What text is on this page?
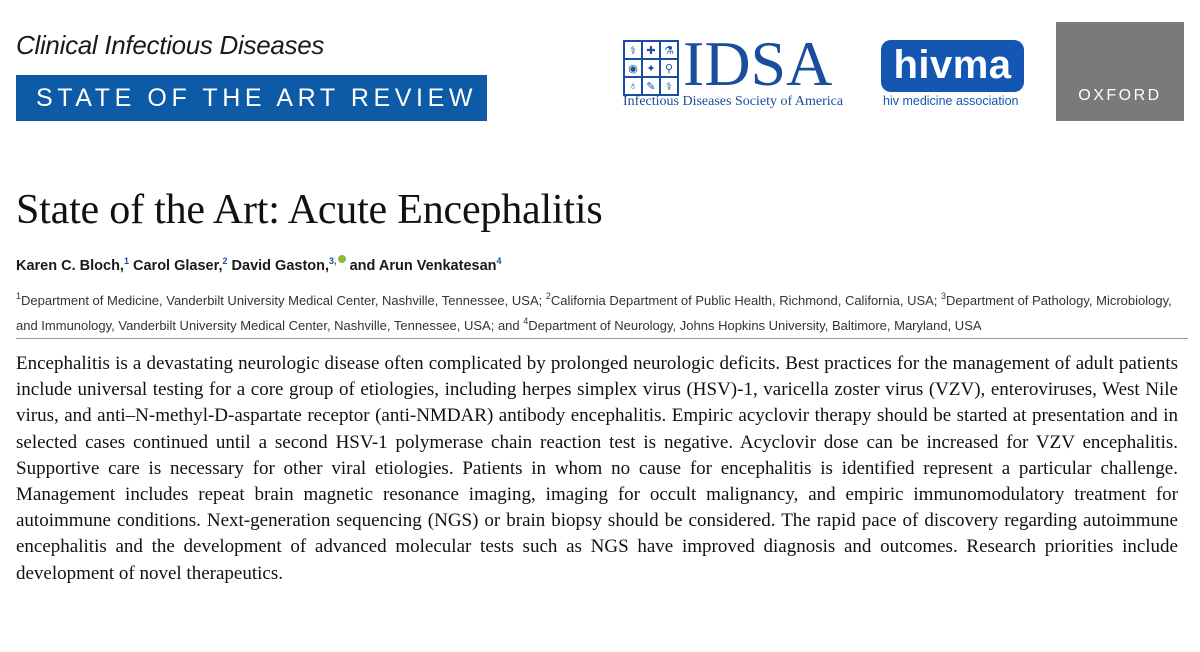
Clinical Infectious Diseases
STATE OF THE ART REVIEW
⚕ ✚ ⚗
◉ ✦ ⚲
♁ ✎ ⚕ IDSA
Infectious Diseases Society of America
hivma
hiv medicine association	OXFORD
State of the Art: Acute Encephalitis
Karen C. Bloch,$^1$ Carol Glaser,$^2$ David Gaston,$^{3,}$ and Arun Venkatesan$^4$
$^1$Department of Medicine, Vanderbilt University Medical Center, Nashville, Tennessee, USA; $^2$California Department of Public Health, Richmond, California, USA; $^3$Department of Pathology, Microbiology, and Immunology, Vanderbilt University Medical Center, Nashville, Tennessee, USA; and $^4$Department of Neurology, Johns Hopkins University, Baltimore, Maryland, USA

Encephalitis is a devastating neurologic disease often complicated by prolonged neurologic deficits. Best practices for the management of adult patients include universal testing for a core group of etiologies, including herpes simplex virus (HSV)-1, varicella zoster virus (VZV), enteroviruses, West Nile virus, and anti–N-methyl-D-aspartate receptor (anti-NMDAR) antibody encephalitis. Empiric acyclovir therapy should be started at presentation and in selected cases continued until a second HSV-1 polymerase chain reaction test is negative. Acyclovir dose can be increased for VZV encephalitis. Supportive care is necessary for other viral etiologies. Patients in whom no cause for encephalitis is identified represent a particular challenge. Management includes repeat brain magnetic resonance imaging, imaging for occult malignancy, and empiric immunomodulatory treatment for autoimmune conditions. Next-generation sequencing (NGS) or brain biopsy should be considered. The rapid pace of discovery regarding autoimmune encephalitis and the development of advanced molecular tests such as NGS have improved diagnosis and outcomes. Research priorities include development of novel therapeutics.
